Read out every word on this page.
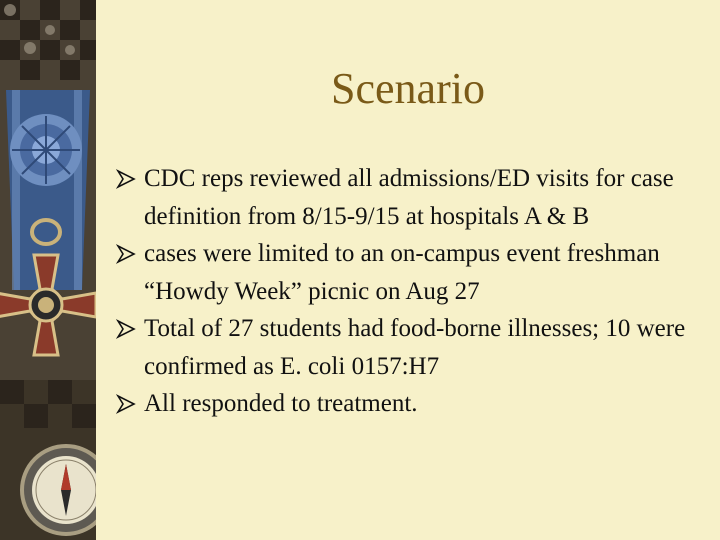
Scenario
CDC reps reviewed all admissions/ED visits for case definition from 8/15-9/15 at hospitals A & B
cases were limited to an on-campus event freshman “Howdy Week” picnic on Aug 27
Total of 27 students had food-borne illnesses; 10 were confirmed as E. coli 0157:H7
All responded to treatment.
